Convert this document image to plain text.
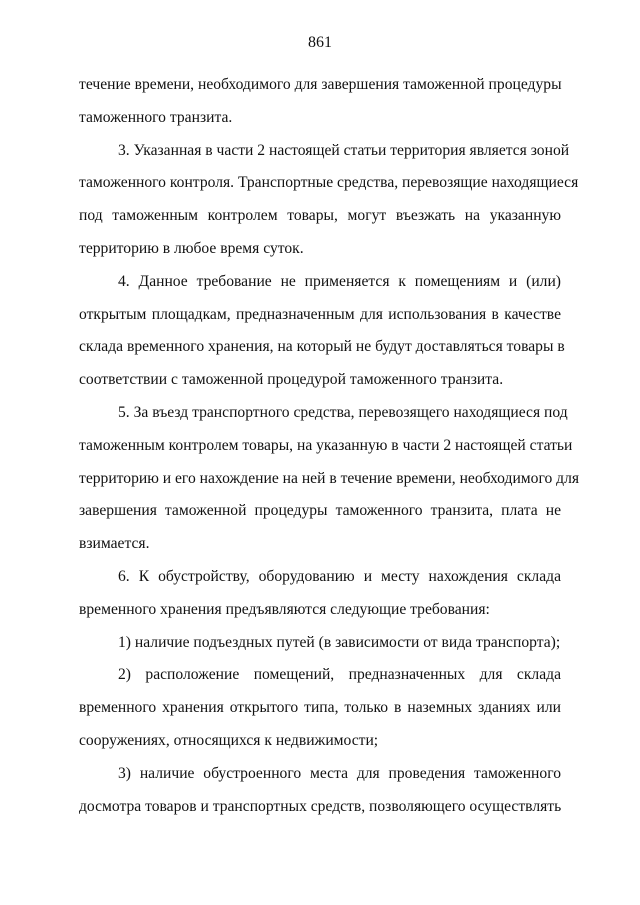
861

течение времени, необходимого для завершения таможенной процедуры
таможенного транзита.

3. Указанная в части 2 настоящей статьи территория является зоной
таможенного контроля. Транспортные средства, перевозящие находящиеся
под таможенным контролем товары, могут въезжать на указанную
территорию в любое время суток.

4. Данное требование не применяется к помещениям и (или)
открытым площадкам, предназначенным для использования в качестве
склада временного хранения, на который не будут доставляться товары в
соответствии с таможенной процедурой таможенного транзита.

5. За въезд транспортного средства, перевозящего находящиеся под
таможенным контролем товары, на указанную в части 2 настоящей статьи
территорию и его нахождение на ней в течение времени, необходимого для
завершения таможенной процедуры таможенного транзита, плата не
взимается.

6. К обустройству, оборудованию и месту нахождения склада
временного хранения предъявляются следующие требования:

1) наличие подъездных путей (в зависимости от вида транспорта);

2) расположение помещений, предназначенных для склада
временного хранения открытого типа, только в наземных зданиях или
сооружениях, относящихся к недвижимости;

3) наличие обустроенного места для проведения таможенного
досмотра товаров и транспортных средств, позволяющего осуществлять
